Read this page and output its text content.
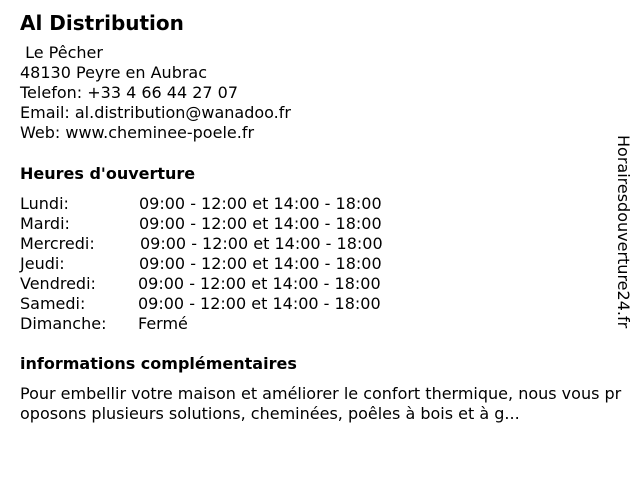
Al Distribution
Le Pêcher
48130 Peyre en Aubrac
Telefon: +33 4 66 44 27 07
Email: al.distribution@wanadoo.fr
Web: www.cheminee-poele.fr
Heures d'ouverture
Lundi:	09:00 - 12:00 et 14:00 - 18:00
Mardi:	09:00 - 12:00 et 14:00 - 18:00
Mercredi:	09:00 - 12:00 et 14:00 - 18:00
Jeudi:	09:00 - 12:00 et 14:00 - 18:00
Vendredi:	09:00 - 12:00 et 14:00 - 18:00
Samedi:	09:00 - 12:00 et 14:00 - 18:00
Dimanche: Fermé
informations complémentaires
Pour embellir votre maison et améliorer le confort thermique, nous vous proposons plusieurs solutions, cheminées, poêles à bois et à g...
Horairesdouverture24.fr
